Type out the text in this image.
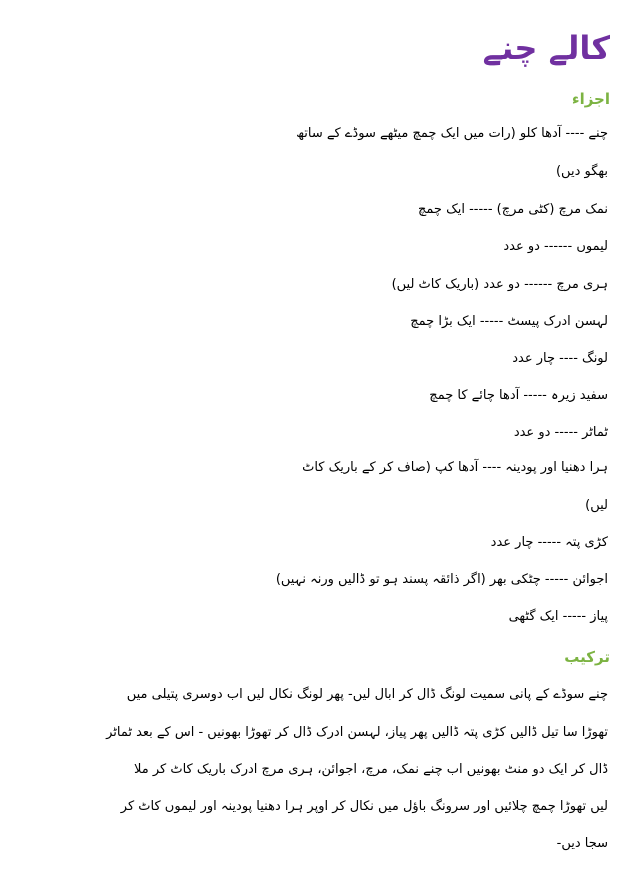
کالے چنے
اجزاء
چنے ---- آدھا کلو (رات میں ایک چمچ میٹھے سوڈے کے ساتھ
بھگو دیں)
نمک مرچ (کٹی مرچ) ----- ایک چمچ
لیموں ------ دو عدد
ہری مرچ ------ دو عدد (باریک کاٹ لیں)
لہسن ادرک پیسٹ ----- ایک بڑا چمچ
لونگ ---- چار عدد
سفید زیرہ ----- آدھا چائے کا چمچ
ٹماٹر ----- دو عدد
ہرا دھنیا اور پودینہ ---- آدھا کپ (صاف کر کے باریک کاٹ
لیں)
کڑی پتہ ----- چار عدد
اجوائن ----- چٹکی بھر (اگر ذائقہ پسند ہو تو ڈالیں ورنہ نہیں)
پیاز ----- ایک گٹھی
ترکیب
چنے سوڈے کے پانی سمیت لونگ ڈال کر ابال لیں- پھر لونگ نکال لیں اب دوسری پتیلی میں
تھوڑا سا تیل ڈالیں کڑی پتہ ڈالیں پھر پیاز، لہسن ادرک ڈال کر تھوڑا بھونیں - اس کے بعد ٹماٹر
ڈال کر ایک دو منٹ بھونیں اب چنے نمک، مرچ، اجوائن، ہری مرچ ادرک باریک کاٹ کر ملا
لیں تھوڑا چمچ چلائیں اور سرونگ باؤل میں نکال کر اوپر ہرا دھنیا پودینہ اور لیموں کاٹ کر
سجا دیں-
